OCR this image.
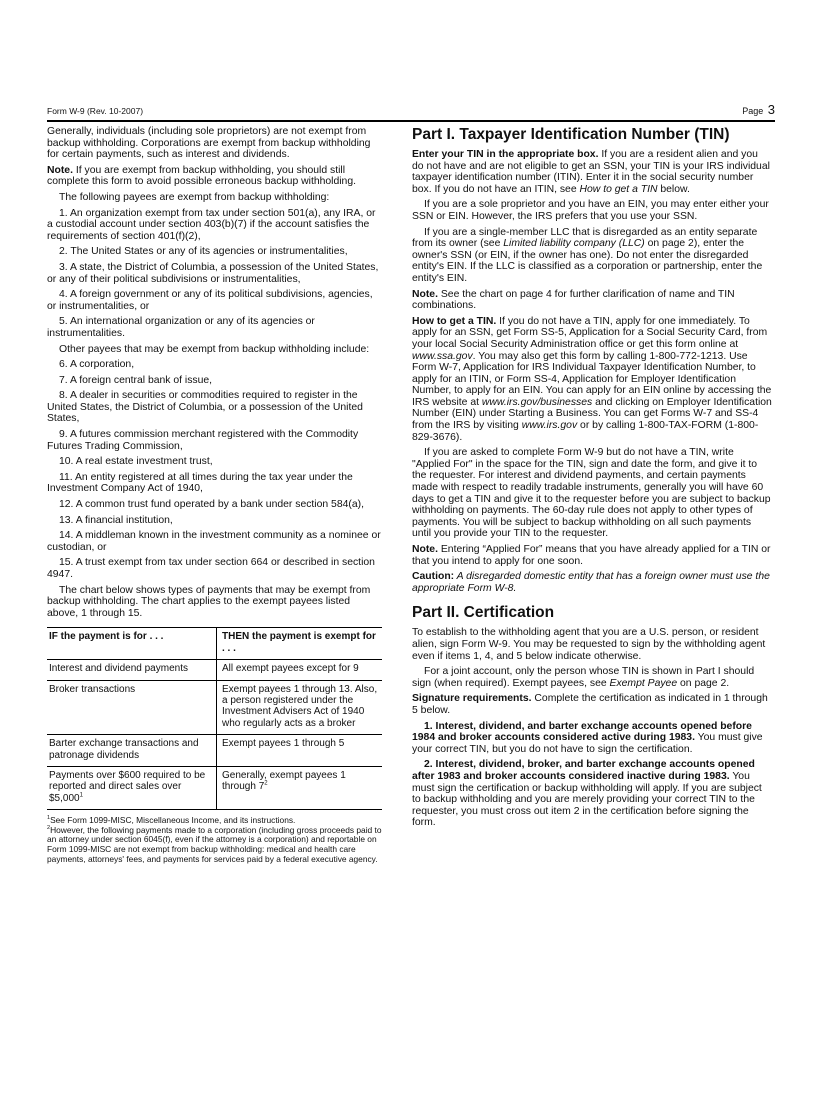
Form W-9 (Rev. 10-2007)	Page 3

Generally, individuals (including sole proprietors) are not exempt from backup withholding. Corporations are exempt from backup withholding for certain payments, such as interest and dividends.

Note. If you are exempt from backup withholding, you should still complete this form to avoid possible erroneous backup withholding.

The following payees are exempt from backup withholding:

1. An organization exempt from tax under section 501(a), any IRA, or a custodial account under section 403(b)(7) if the account satisfies the requirements of section 401(f)(2),

2. The United States or any of its agencies or instrumentalities,

3. A state, the District of Columbia, a possession of the United States, or any of their political subdivisions or instrumentalities,

4. A foreign government or any of its political subdivisions, agencies, or instrumentalities, or

5. An international organization or any of its agencies or instrumentalities.

Other payees that may be exempt from backup withholding include:

6. A corporation,

7. A foreign central bank of issue,

8. A dealer in securities or commodities required to register in the United States, the District of Columbia, or a possession of the United States,

9. A futures commission merchant registered with the Commodity Futures Trading Commission,

10. A real estate investment trust,

11. An entity registered at all times during the tax year under the Investment Company Act of 1940,

12. A common trust fund operated by a bank under section 584(a),

13. A financial institution,

14. A middleman known in the investment community as a nominee or custodian, or

15. A trust exempt from tax under section 664 or described in section 4947.

The chart below shows types of payments that may be exempt from backup withholding. The chart applies to the exempt payees listed above, 1 through 15.

IF the payment is for . . .	THEN the payment is exempt for . . .
Interest and dividend payments	All exempt payees except for 9
Broker transactions	Exempt payees 1 through 13. Also, a person registered under the Investment Advisers Act of 1940 who regularly acts as a broker
Barter exchange transactions and patronage dividends	Exempt payees 1 through 5
Payments over $600 required to be reported and direct sales over $5,000$^1$	Generally, exempt payees 1 through $7^2$
$^1$See Form 1099-MISC, Miscellaneous Income, and its instructions.
$^2$However, the following payments made to a corporation (including gross proceeds paid to an attorney under section 6045(f), even if the attorney is a corporation) and reportable on Form 1099-MISC are not exempt from backup withholding: medical and health care payments, attorneys' fees, and payments for services paid by a federal executive agency.
Part I. Taxpayer Identification Number (TIN)

Enter your TIN in the appropriate box. If you are a resident alien and you do not have and are not eligible to get an SSN, your TIN is your IRS individual taxpayer identification number (ITIN). Enter it in the social security number box. If you do not have an ITIN, see How to get a TIN below.

If you are a sole proprietor and you have an EIN, you may enter either your SSN or EIN. However, the IRS prefers that you use your SSN.

If you are a single-member LLC that is disregarded as an entity separate from its owner (see Limited liability company (LLC) on page 2), enter the owner's SSN (or EIN, if the owner has one). Do not enter the disregarded entity's EIN. If the LLC is classified as a corporation or partnership, enter the entity's EIN.

Note. See the chart on page 4 for further clarification of name and TIN combinations.

How to get a TIN. If you do not have a TIN, apply for one immediately. To apply for an SSN, get Form SS-5, Application for a Social Security Card, from your local Social Security Administration office or get this form online at www.ssa.gov. You may also get this form by calling 1-800-772-1213. Use Form W-7, Application for IRS Individual Taxpayer Identification Number, to apply for an ITIN, or Form SS-4, Application for Employer Identification Number, to apply for an EIN. You can apply for an EIN online by accessing the IRS website at www.irs.gov/businesses and clicking on Employer Identification Number (EIN) under Starting a Business. You can get Forms W-7 and SS-4 from the IRS by visiting www.irs.gov or by calling 1-800-TAX-FORM (1-800-829-3676).

If you are asked to complete Form W-9 but do not have a TIN, write "Applied For" in the space for the TIN, sign and date the form, and give it to the requester. For interest and dividend payments, and certain payments made with respect to readily tradable instruments, generally you will have 60 days to get a TIN and give it to the requester before you are subject to backup withholding on payments. The 60-day rule does not apply to other types of payments. You will be subject to backup withholding on all such payments until you provide your TIN to the requester.

Note. Entering “Applied For” means that you have already applied for a TIN or that you intend to apply for one soon.

Caution: A disregarded domestic entity that has a foreign owner must use the appropriate Form W-8.

Part II. Certification

To establish to the withholding agent that you are a U.S. person, or resident alien, sign Form W-9. You may be requested to sign by the withholding agent even if items 1, 4, and 5 below indicate otherwise.

For a joint account, only the person whose TIN is shown in Part I should sign (when required). Exempt payees, see Exempt Payee on page 2.

Signature requirements. Complete the certification as indicated in 1 through 5 below.

1. Interest, dividend, and barter exchange accounts opened before 1984 and broker accounts considered active during 1983. You must give your correct TIN, but you do not have to sign the certification.

2. Interest, dividend, broker, and barter exchange accounts opened after 1983 and broker accounts considered inactive during 1983. You must sign the certification or backup withholding will apply. If you are subject to backup withholding and you are merely providing your correct TIN to the requester, you must cross out item 2 in the certification before signing the form.
